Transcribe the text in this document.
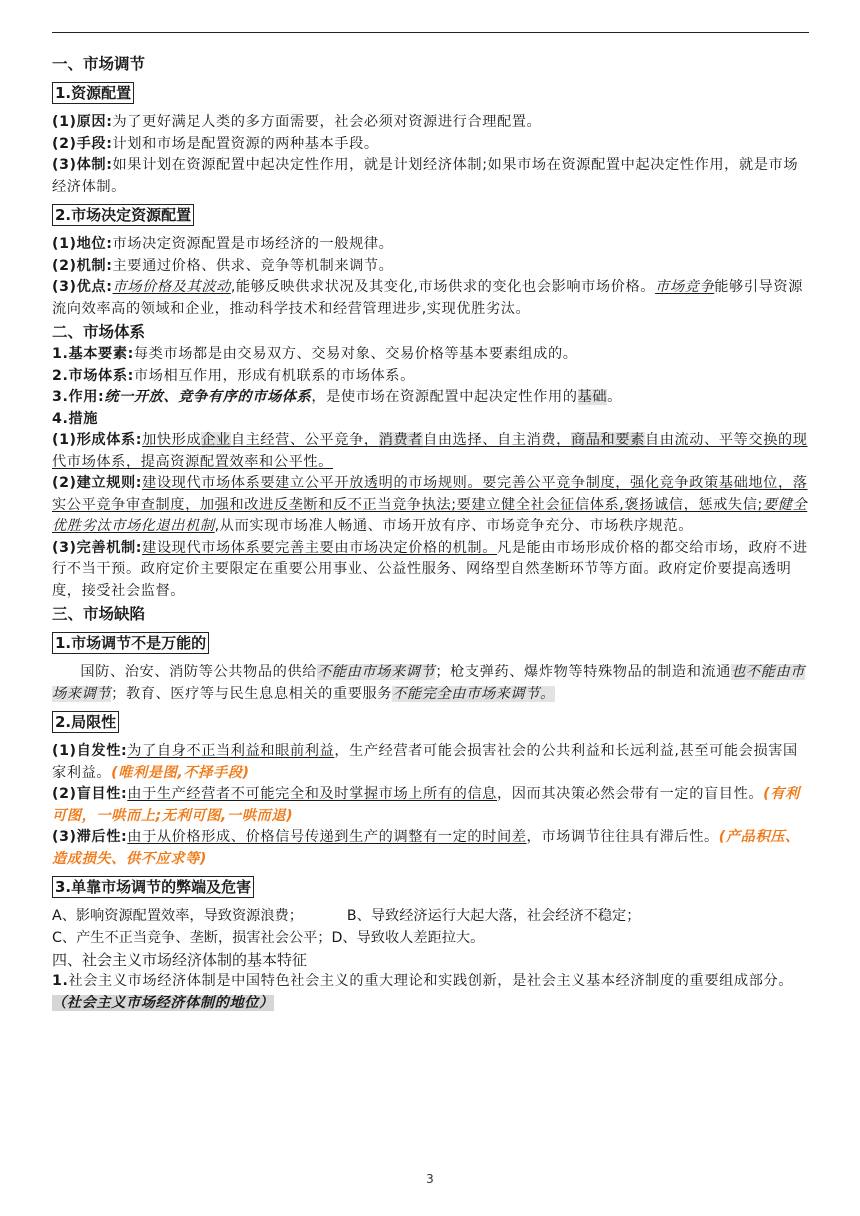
一、市场调节
1.资源配置

(1)原因:为了更好满足人类的多方面需要，社会必须对资源进行合理配置。

(2)手段:计划和市场是配置资源的两种基本手段。

(3)体制:如果计划在资源配置中起决定性作用，就是计划经济体制;如果市场在资源配置中起决定性作用，就是市场经济体制。

2.市场决定资源配置

(1)地位:市场决定资源配置是市场经济的一般规律。

(2)机制:主要通过价格、供求、竞争等机制来调节。

(3)优点:市场价格及其波动,能够反映供求状况及其变化,市场供求的变化也会影响市场价格。市场竞争能够引导资源流向效率高的领域和企业，推动科学技术和经营管理进步,实现优胜劣汰。

二、市场体系

1.基本要素:每类市场都是由交易双方、交易对象、交易价格等基本要素组成的。

2.市场体系:市场相互作用，形成有机联系的市场体系。

3.作用:统一开放、竞争有序的市场体系，是使市场在资源配置中起决定性作用的基础。

4.措施

(1)形成体系:加快形成企业自主经营、公平竞争，消费者自由选择、自主消费，商品和要素自由流动、平等交换的现代市场体系，提高资源配置效率和公平性。

(2)建立规则:建设现代市场体系要建立公平开放透明的市场规则。要完善公平竞争制度，强化竞争政策基础地位，落实公平竞争审查制度，加强和改进反垄断和反不正当竞争执法;要建立健全社会征信体系,褒扬诚信，惩戒失信;要健全优胜劣汰市场化退出机制,从而实现市场准人畅通、市场开放有序、市场竞争充分、市场秩序规范。

(3)完善机制:建设现代市场体系要完善主要由市场决定价格的机制。凡是能由市场形成价格的都交给市场，政府不进行不当干预。政府定价主要限定在重要公用事业、公益性服务、网络型自然垄断环节等方面。政府定价要提高透明度，接受社会监督。

三、市场缺陷
1.市场调节不是万能的

国防、治安、消防等公共物品的供给不能由市场来调节；枪支弹药、爆炸物等特殊物品的制造和流通也不能由市场来调节；教育、医疗等与民生息息相关的重要服务不能完全由市场来调节。

2.局限性

(1)自发性:为了自身不正当利益和眼前利益，生产经营者可能会损害社会的公共利益和长远利益,甚至可能会损害国家利益。(唯利是图,不择手段)

(2)盲目性:由于生产经营者不可能完全和及时掌握市场上所有的信息，因而其决策必然会带有一定的盲目性。(有利可图，一哄而上;无利可图,一哄而退)

(3)滞后性:由于从价格形成、价格信号传递到生产的调整有一定的时间差，市场调节往往具有滞后性。(产品积压、造成损失、供不应求等)

3.单靠市场调节的弊端及危害

A、影响资源配置效率，导致资源浪费；	B、导致经济运行大起大落，社会经济不稳定；

C、产生不正当竞争、垄断，损害社会公平；D、导致收人差距拉大。

四、社会主义市场经济体制的基本特征

1.社会主义市场经济体制是中国特色社会主义的重大理论和实践创新，是社会主义基本经济制度的重要组成部分。（社会主义市场经济体制的地位）

3
